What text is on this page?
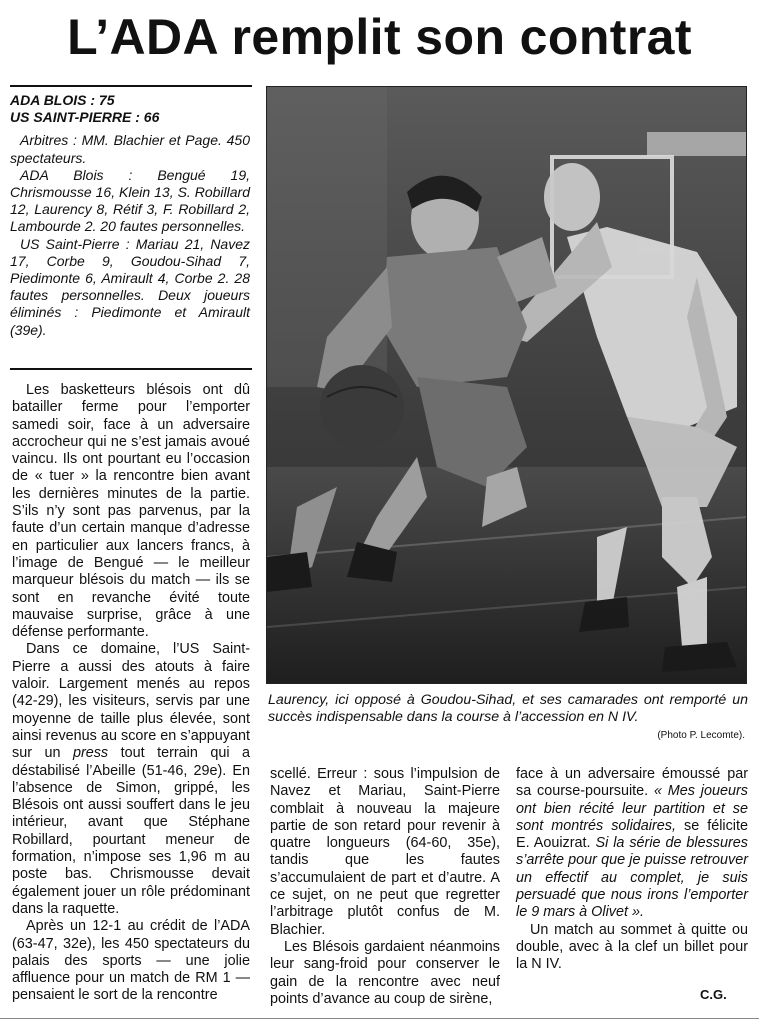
L’ADA remplit son contrat

ADA BLOIS : 75

US SAINT-PIERRE : 66

Arbitres : MM. Blachier et Page. 450 spectateurs.

ADA Blois : Bengué 19, Chrismousse 16, Klein 13, S. Robillard 12, Laurency 8, Rétif 3, F. Robillard 2, Lambourde 2. 20 fautes personnelles.

US Saint-Pierre : Mariau 21, Navez 17, Corbe 9, Goudou-Sihad 7, Piedimonte 6, Amirault 4, Corbe 2. 28 fautes personnelles. Deux joueurs éliminés : Piedimonte et Amirault (39e).

Les basketteurs blésois ont dû batailler ferme pour l’emporter samedi soir, face à un adversaire accrocheur qui ne s’est jamais avoué vaincu. Ils ont pourtant eu l’occasion de « tuer » la rencontre bien avant les dernières minutes de la partie. S’ils n’y sont pas parvenus, par la faute d’un certain manque d’adresse en particulier aux lancers francs, à l’image de Bengué — le meilleur marqueur blésois du match — ils se sont en revanche évité toute mauvaise surprise, grâce à une défense performante.

Dans ce domaine, l’US Saint-Pierre a aussi des atouts à faire valoir. Largement menés au repos (42-29), les visiteurs, servis par une moyenne de taille plus élevée, sont ainsi revenus au score en s’appuyant sur un press tout terrain qui a déstabilisé l’Abeille (51-46, 29e). En l’absence de Simon, grippé, les Blésois ont aussi souffert dans le jeu intérieur, avant que Stéphane Robillard, pourtant meneur de formation, n’impose ses 1,96 m au poste bas. Chrismousse devait également jouer un rôle prédominant dans la raquette.

Après un 12-1 au crédit de l’ADA (63-47, 32e), les 450 spectateurs du palais des sports — une jolie affluence pour un match de RM 1 — pensaient le sort de la rencontre

Laurency, ici opposé à Goudou-Sihad, et ses camarades ont remporté un succès indispensable dans la course à l’accession en N IV.

(Photo P. Lecomte).

scellé. Erreur : sous l’impulsion de Navez et Mariau, Saint-Pierre comblait à nouveau la majeure partie de son retard pour revenir à quatre longueurs (64-60, 35e), tandis que les fautes s’accumulaient de part et d’autre. A ce sujet, on ne peut que regretter l’arbitrage plutôt confus de M. Blachier.

Les Blésois gardaient néanmoins leur sang-froid pour conserver le gain de la rencontre avec neuf points d’avance au coup de sirène,

face à un adversaire émoussé par sa course-poursuite. « Mes joueurs ont bien récité leur partition et se sont montrés solidaires, se félicite E. Aouizrat. Si la série de blessures s’arrête pour que je puisse retrouver un effectif au complet, je suis persuadé que nous irons l’emporter le 9 mars à Olivet ».

Un match au sommet à quitte ou double, avec à la clef un billet pour la N IV.

C.G.
